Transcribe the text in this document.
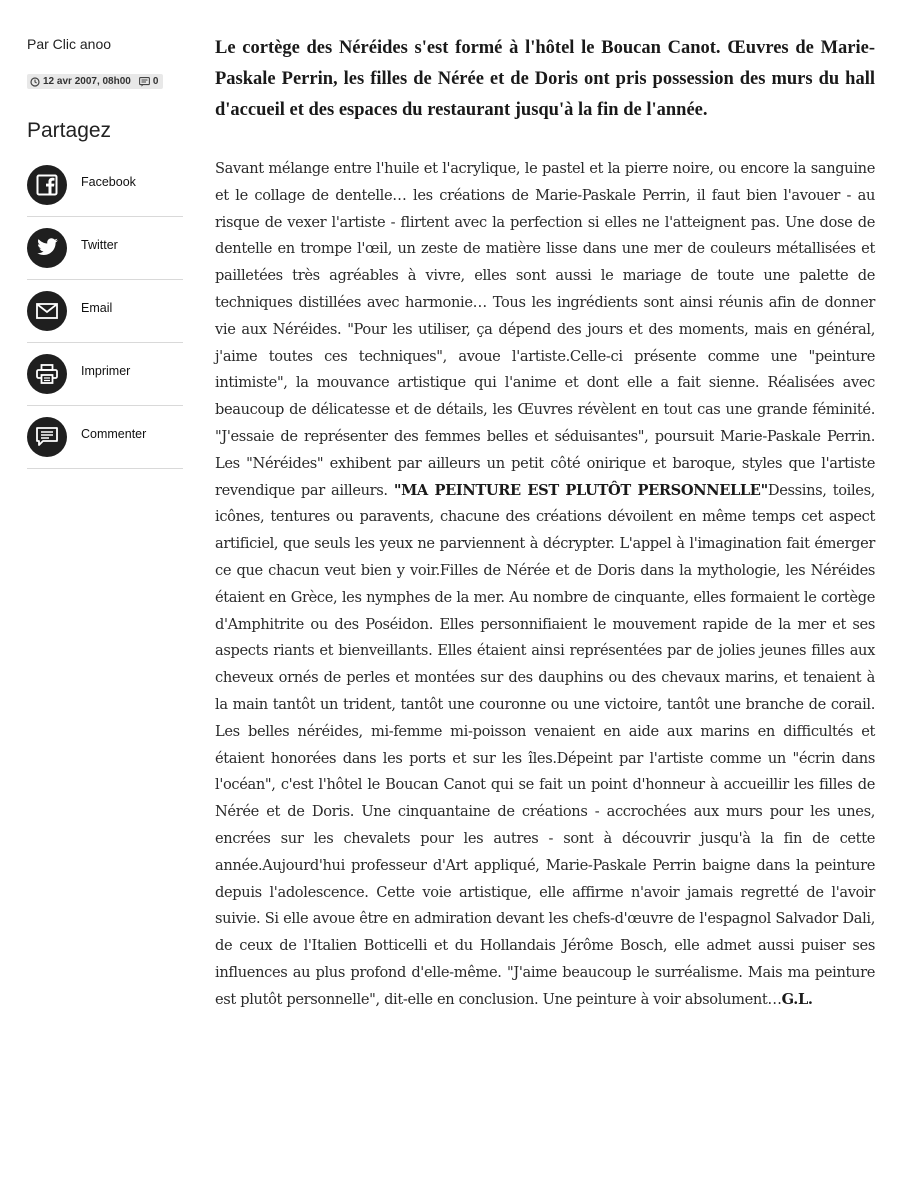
Par Clic anoo
12 avr 2007, 08h00 0
Partagez
Facebook
Twitter
Email
Imprimer
Commenter

Le cortège des Néréides s'est formé à l'hôtel le Boucan Canot. Œuvres de Marie-Paskale Perrin, les filles de Nérée et de Doris ont pris possession des murs du hall d'accueil et des espaces du restaurant jusqu'à la fin de l'année.

Savant mélange entre l'huile et l'acrylique, le pastel et la pierre noire, ou encore la sanguine et le collage de dentelle… les créations de Marie-Paskale Perrin, il faut bien l'avouer - au risque de vexer l'artiste - flirtent avec la perfection si elles ne l'atteignent pas. Une dose de dentelle en trompe l'œil, un zeste de matière lisse dans une mer de couleurs métallisées et pailletées très agréables à vivre, elles sont aussi le mariage de toute une palette de techniques distillées avec harmonie… Tous les ingrédients sont ainsi réunis afin de donner vie aux Néréides. "Pour les utiliser, ça dépend des jours et des moments, mais en général, j'aime toutes ces techniques", avoue l'artiste.Celle-ci présente comme une "peinture intimiste", la mouvance artistique qui l'anime et dont elle a fait sienne. Réalisées avec beaucoup de délicatesse et de détails, les Œuvres révèlent en tout cas une grande féminité. "J'essaie de représenter des femmes belles et séduisantes", poursuit Marie-Paskale Perrin. Les "Néréides" exhibent par ailleurs un petit côté onirique et baroque, styles que l'artiste revendique par ailleurs. "MA PEINTURE EST PLUTÔT PERSONNELLE"Dessins, toiles, icônes, tentures ou paravents, chacune des créations dévoilent en même temps cet aspect artificiel, que seuls les yeux ne parviennent à décrypter. L'appel à l'imagination fait émerger ce que chacun veut bien y voir.Filles de Nérée et de Doris dans la mythologie, les Néréides étaient en Grèce, les nymphes de la mer. Au nombre de cinquante, elles formaient le cortège d'Amphitrite ou des Poséidon. Elles personnifiaient le mouvement rapide de la mer et ses aspects riants et bienveillants. Elles étaient ainsi représentées par de jolies jeunes filles aux cheveux ornés de perles et montées sur des dauphins ou des chevaux marins, et tenaient à la main tantôt un trident, tantôt une couronne ou une victoire, tantôt une branche de corail. Les belles néréides, mi-femme mi-poisson venaient en aide aux marins en difficultés et étaient honorées dans les ports et sur les îles.Dépeint par l'artiste comme un "écrin dans l'océan", c'est l'hôtel le Boucan Canot qui se fait un point d'honneur à accueillir les filles de Nérée et de Doris. Une cinquantaine de créations - accrochées aux murs pour les unes, encrées sur les chevalets pour les autres - sont à découvrir jusqu'à la fin de cette année.Aujourd'hui professeur d'Art appliqué, Marie-Paskale Perrin baigne dans la peinture depuis l'adolescence. Cette voie artistique, elle affirme n'avoir jamais regretté de l'avoir suivie. Si elle avoue être en admiration devant les chefs-d'œuvre de l'espagnol Salvador Dali, de ceux de l'Italien Botticelli et du Hollandais Jérôme Bosch, elle admet aussi puiser ses influences au plus profond d'elle-même. "J'aime beaucoup le surréalisme. Mais ma peinture est plutôt personnelle", dit-elle en conclusion. Une peinture à voir absolument…G.L.
